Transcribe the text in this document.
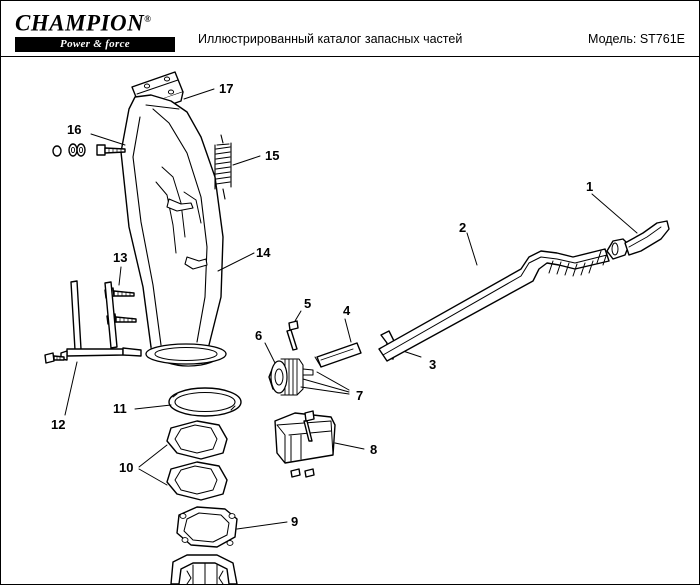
CHAMPION®
Power & force	Иллюстрированный каталог запасных частей	Модель: ST761E
1
2
3
4
5
6
7
8
9
10
11
12
13	14
15
16
17
